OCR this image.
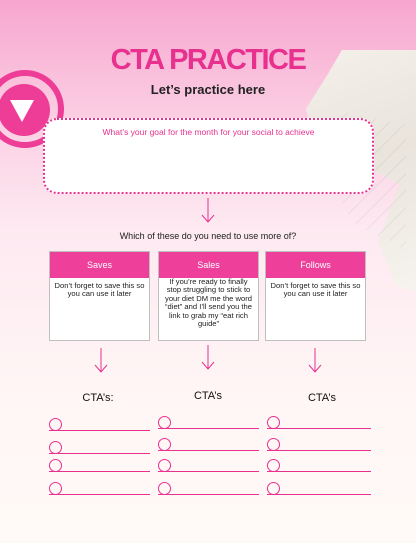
CTA PRACTICE
Let’s practice here
What’s your goal for the month for your social to achieve
Which of these do you need to use more of?
Saves
Don’t forget to save this so you can use it later
Sales
If you’re ready to finally stop struggling to stick to your diet DM me the word “diet” and I’ll send you the link to grab my “eat rich guide”
Follows
Don’t forget to save this so you can use it later
CTA’s:	CTA’s	CTA’s
